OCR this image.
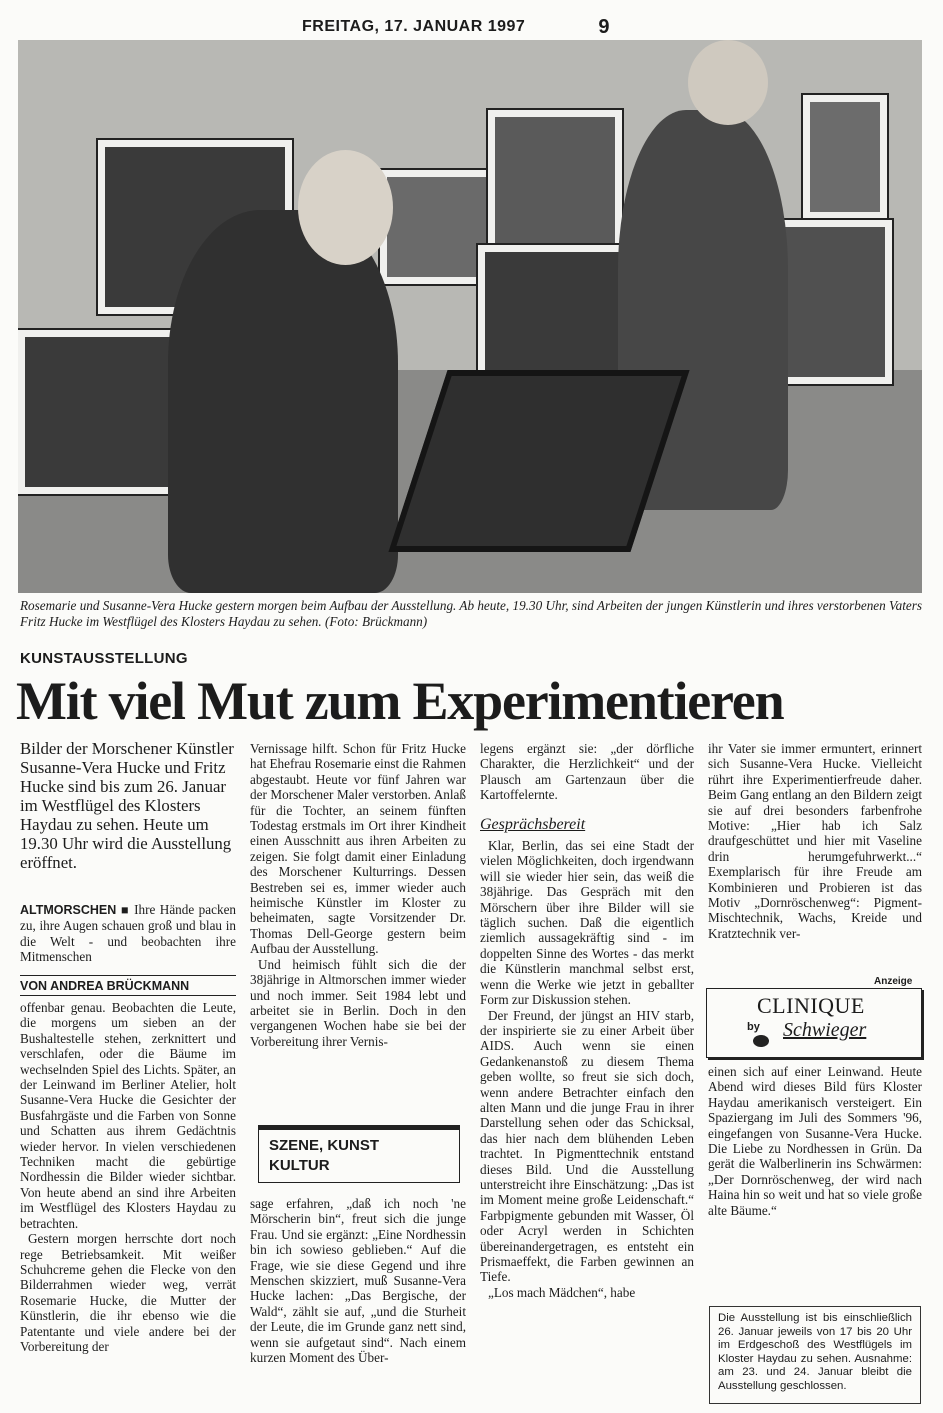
FREITAG, 17. JANUAR 1997	9
Rosemarie und Susanne-Vera Hucke gestern morgen beim Aufbau der Ausstellung. Ab heute, 19.30 Uhr, sind Arbeiten der jungen Künstlerin und ihres verstorbenen Vaters Fritz Hucke im Westflügel des Klosters Haydau zu sehen. (Foto: Brückmann)
KUNSTAUSSTELLUNG
Mit viel Mut zum Experimentieren
Bilder der Morschener Künstler Susanne-Vera Hucke und Fritz Hucke sind bis zum 26. Januar im Westflügel des Klosters Haydau zu sehen. Heute um 19.30 Uhr wird die Ausstellung eröffnet.

ALTMORSCHEN ■ Ihre Hände packen zu, ihre Augen schauen groß und blau in die Welt - und beobachten ihre Mitmenschen

VON ANDREA BRÜCKMANN

offenbar genau. Beobachten die Leute, die morgens um sieben an der Bushaltestelle stehen, zerknittert und verschlafen, oder die Bäume im wechselnden Spiel des Lichts. Später, an der Leinwand im Berliner Atelier, holt Susanne-Vera Hucke die Gesichter der Busfahrgäste und die Farben von Sonne und Schatten aus ihrem Gedächtnis wieder hervor. In vielen verschiedenen Techniken macht die gebürtige Nordhessin die Bilder wieder sichtbar. Von heute abend an sind ihre Arbeiten im Westflügel des Klosters Haydau zu betrachten.

Gestern morgen herrschte dort noch rege Betriebsamkeit. Mit weißer Schuhcreme gehen die Flecke von den Bilderrahmen wieder weg, verrät Rosemarie Hucke, die Mutter der Künstlerin, die ihr ebenso wie die Patentante und viele andere bei der Vorbereitung der

Vernissage hilft. Schon für Fritz Hucke hat Ehefrau Rosemarie einst die Rahmen abgestaubt. Heute vor fünf Jahren war der Morschener Maler verstorben. Anlaß für die Tochter, an seinem fünften Todestag erstmals im Ort ihrer Kindheit einen Ausschnitt aus ihren Arbeiten zu zeigen. Sie folgt damit einer Einladung des Morschener Kulturrings. Dessen Bestreben sei es, immer wieder auch heimische Künstler im Kloster zu beheimaten, sagte Vorsitzender Dr. Thomas Dell-George gestern beim Aufbau der Ausstellung.

Und heimisch fühlt sich die der 38jährige in Altmorschen immer wieder und noch immer. Seit 1984 lebt und arbeitet sie in Berlin. Doch in den vergangenen Wochen habe sie bei der Vorbereitung ihrer Vernis-

SZENE, KUNST
KULTUR

sage erfahren, „daß ich noch 'ne Mörscherin bin“, freut sich die junge Frau. Und sie ergänzt: „Eine Nordhessin bin ich sowieso geblieben.“ Auf die Frage, wie sie diese Gegend und ihre Menschen skizziert, muß Susanne-Vera Hucke lachen: „Das Bergische, der Wald“, zählt sie auf, „und die Sturheit der Leute, die im Grunde ganz nett sind, wenn sie aufgetaut sind“. Nach einem kurzen Moment des Über-

legens ergänzt sie: „der dörfliche Charakter, die Herzlichkeit“ und der Plausch am Gartenzaun über die Kartoffelernte.

Gesprächsbereit

Klar, Berlin, das sei eine Stadt der vielen Möglichkeiten, doch irgendwann will sie wieder hier sein, das weiß die 38jährige. Das Gespräch mit den Mörschern über ihre Bilder will sie täglich suchen. Daß die eigentlich ziemlich aussagekräftig sind - im doppelten Sinne des Wortes - das merkt die Künstlerin manchmal selbst erst, wenn die Werke wie jetzt in geballter Form zur Diskussion stehen.

Der Freund, der jüngst an HIV starb, der inspirierte sie zu einer Arbeit über AIDS. Auch wenn sie einen Gedankenanstoß zu diesem Thema geben wollte, so freut sie sich doch, wenn andere Betrachter einfach den alten Mann und die junge Frau in ihrer Darstellung sehen oder das Schicksal, das hier nach dem blühenden Leben trachtet. In Pigmenttechnik entstand dieses Bild. Und die Ausstellung unterstreicht ihre Einschätzung: „Das ist im Moment meine große Leidenschaft.“ Farbpigmente gebunden mit Wasser, Öl oder Acryl werden in Schichten übereinandergetragen, es entsteht ein Prismaeffekt, die Farben gewinnen an Tiefe.

„Los mach Mädchen“, habe

ihr Vater sie immer ermuntert, erinnert sich Susanne-Vera Hucke. Vielleicht rührt ihre Experimentierfreude daher. Beim Gang entlang an den Bildern zeigt sie auf drei besonders farbenfrohe Motive: „Hier hab ich Salz draufgeschüttet und hier mit Vaseline drin herumgefuhrwerkt...“ Exemplarisch für ihre Freude am Kombinieren und Probieren ist das Motiv „Dornröschenweg“: Pigment-Mischtechnik, Wachs, Kreide und Kratztechnik ver-

Anzeige
CLINIQUE
by Schwieger

einen sich auf einer Leinwand. Heute Abend wird dieses Bild fürs Kloster Haydau amerikanisch versteigert. Ein Spaziergang im Juli des Sommers '96, eingefangen von Susanne-Vera Hucke. Die Liebe zu Nordhessen in Grün. Da gerät die Walberlinerin ins Schwärmen: „Der Dornröschenweg, der wird nach Haina hin so weit und hat so viele große alte Bäume.“

Die Ausstellung ist bis einschließlich 26. Januar jeweils von 17 bis 20 Uhr im Erdgeschoß des Westflügels im Kloster Haydau zu sehen. Ausnahme: am 23. und 24. Januar bleibt die Ausstellung geschlossen.
